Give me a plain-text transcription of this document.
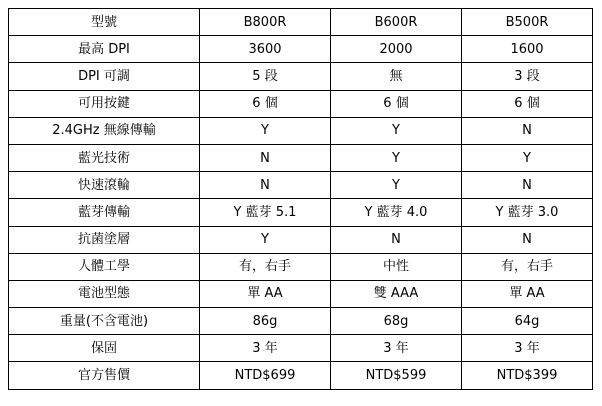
型號	B800R	B600R	B500R
最高 DPI	3600	2000	1600
DPI 可調	5 段	無	3 段
可用按鍵	6 個	6 個	6 個
2.4GHz 無線傳輸	Y	Y	N
藍光技術	N	Y	Y
快速滾輪	N	Y	N
藍芽傳輸	Y 藍芽 5.1	Y 藍芽 4.0	Y 藍芽 3.0
抗菌塗層	Y	N	N
人體工學	有，右手	中性	有，右手
電池型態	單 AA	雙 AAA	單 AA
重量(不含電池)	86g	68g	64g
保固	3 年	3 年	3 年
官方售價	NTD$699	NTD$599	NTD$399
